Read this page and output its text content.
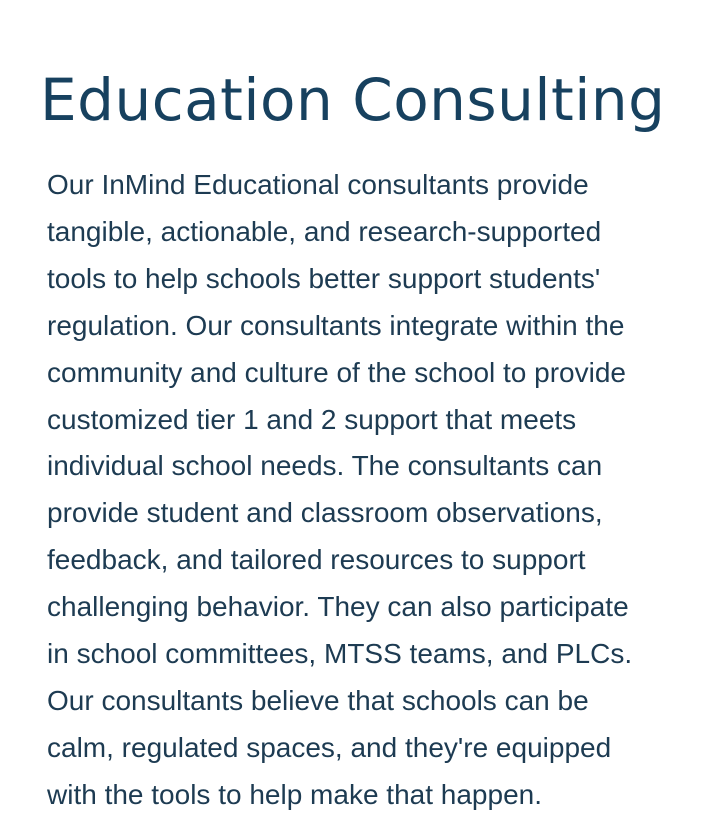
Education Consulting

Our InMind Educational consultants provide
tangible, actionable, and research-supported
tools to help schools better support students'
regulation. Our consultants integrate within the
community and culture of the school to provide
customized tier 1 and 2 support that meets
individual school needs. The consultants can
provide student and classroom observations,
feedback, and tailored resources to support
challenging behavior. They can also participate
in school committees, MTSS teams, and PLCs.
Our consultants believe that schools can be
calm, regulated spaces, and they're equipped
with the tools to help make that happen.
